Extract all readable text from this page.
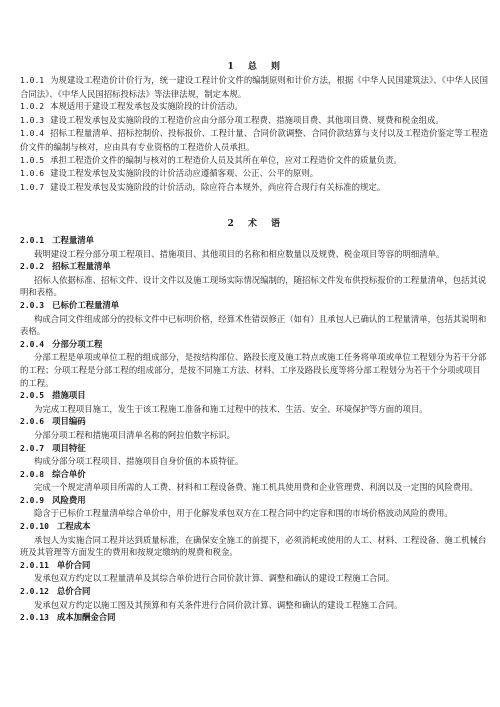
1 总 则

1.0.1 为规建设工程造价计价行为，统一建设工程计价文件的编制原则和计价方法，根据《中华人民国建筑法》、《中华人民国合同法》、《中华人民国招标投标法》等法律法规，制定本规。

1.0.2 本规适用于建设工程发承包及实施阶段的计价活动。

1.0.3 建设工程发承包及实施阶段的工程造价应由分部分项工程费、措施项目费、其他项目费、规费和税金组成。

1.0.4 招标工程量清单、招标控制价、投标报价、工程计量、合同价款调整、合同价款结算与支付以及工程造价鉴定等工程造价文件的编制与核对，应由具有专业资格的工程造价人员承担。

1.0.5 承担工程造价文件的编制与核对的工程造价人员及其所在单位，应对工程造价文件的质量负责。

1.0.6 建设工程发承包及实施阶段的计价活动应遵循客观、公正、公平的原则。

1.0.7 建设工程发承包及实施阶段的计价活动，除应符合本规外，尚应符合现行有关标准的规定。

2 术 语

2.0.1 工程量清单

载明建设工程分部分项工程项目、措施项目、其他项目的名称和相应数量以及规费、税金项目等容的明细清单。

2.0.2 招标工程量清单

招标人依据标准、招标文件、设计文件以及施工现场实际情况编制的，随招标文件发布供投标报价的工程量清单，包括其说明和表格。

2.0.3 已标价工程量清单

构成合同文件组成部分的投标文件中已标明价格，经算术性错误修正（如有）且承包人已确认的工程量清单，包括其说明和表格。

2.0.4 分部分项工程

分部工程是单项或单位工程的组成部分，是按结构部位、路段长度及施工特点或施工任务将单项或单位工程划分为若干分部的工程；分项工程是分部工程的组成部分，是按不同施工方法、材料、工序及路段长度等将分部工程划分为若干个分项或项目的工程。

2.0.5 措施项目

为完成工程项目施工，发生于该工程施工准备和施工过程中的技术、生活、安全、环境保护等方面的项目。

2.0.6 项目编码

分部分项工程和措施项目清单名称的阿拉伯数字标识。

2.0.7 项目特征

构成分部分项工程项目、措施项目自身价值的本质特征。

2.0.8 综合单价

完成一个规定清单项目所需的人工费、材料和工程设备费、施工机具使用费和企业管理费、利润以及一定围的风险费用。

2.0.9 风险费用

隐含于已标价工程量清单综合单价中，用于化解发承包双方在工程合同中约定容和围的市场价格波动风险的费用。

2.0.10 工程成本

承包人为实施合同工程并达到质量标准，在确保安全施工的前提下，必须消耗或使用的人工、材料、工程设备、施工机械台班及其管理等方面发生的费用和按规定缴纳的规费和税金。

2.0.11 单价合同

发承包双方约定以工程量清单及其综合单价进行合同价款计算、调整和确认的建设工程施工合同。

2.0.12 总价合同

发承包双方约定以施工图及其预算和有关条件进行合同价款计算、调整和确认的建设工程施工合同。

2.0.13 成本加酬金合同
